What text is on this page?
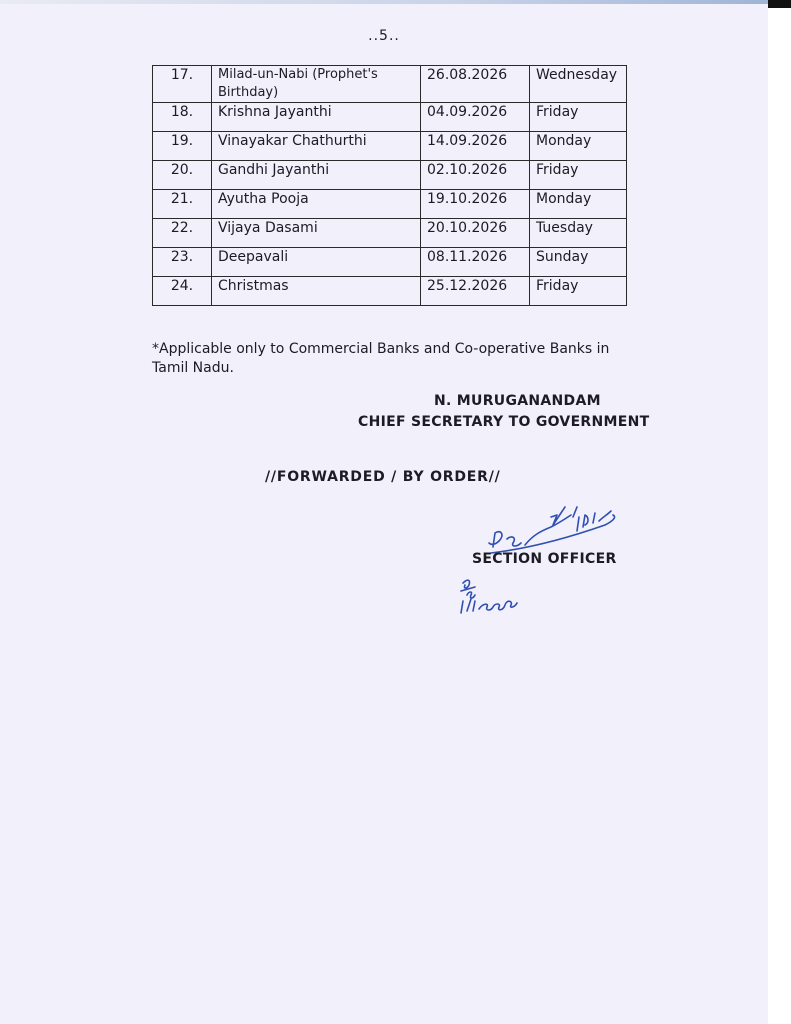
..5..
17.	Milad-un-Nabi (Prophet's Birthday)	26.08.2026	Wednesday
18.	Krishna Jayanthi	04.09.2026	Friday
19.	Vinayakar Chathurthi	14.09.2026	Monday
20.	Gandhi Jayanthi	02.10.2026	Friday
21.	Ayutha Pooja	19.10.2026	Monday
22.	Vijaya Dasami	20.10.2026	Tuesday
23.	Deepavali	08.11.2026	Sunday
24.	Christmas	25.12.2026	Friday
*Applicable only to Commercial Banks and Co-operative Banks in Tamil Nadu.
N. MURUGANANDAM
CHIEF SECRETARY TO GOVERNMENT
//FORWARDED / BY ORDER//
SECTION OFFICER
